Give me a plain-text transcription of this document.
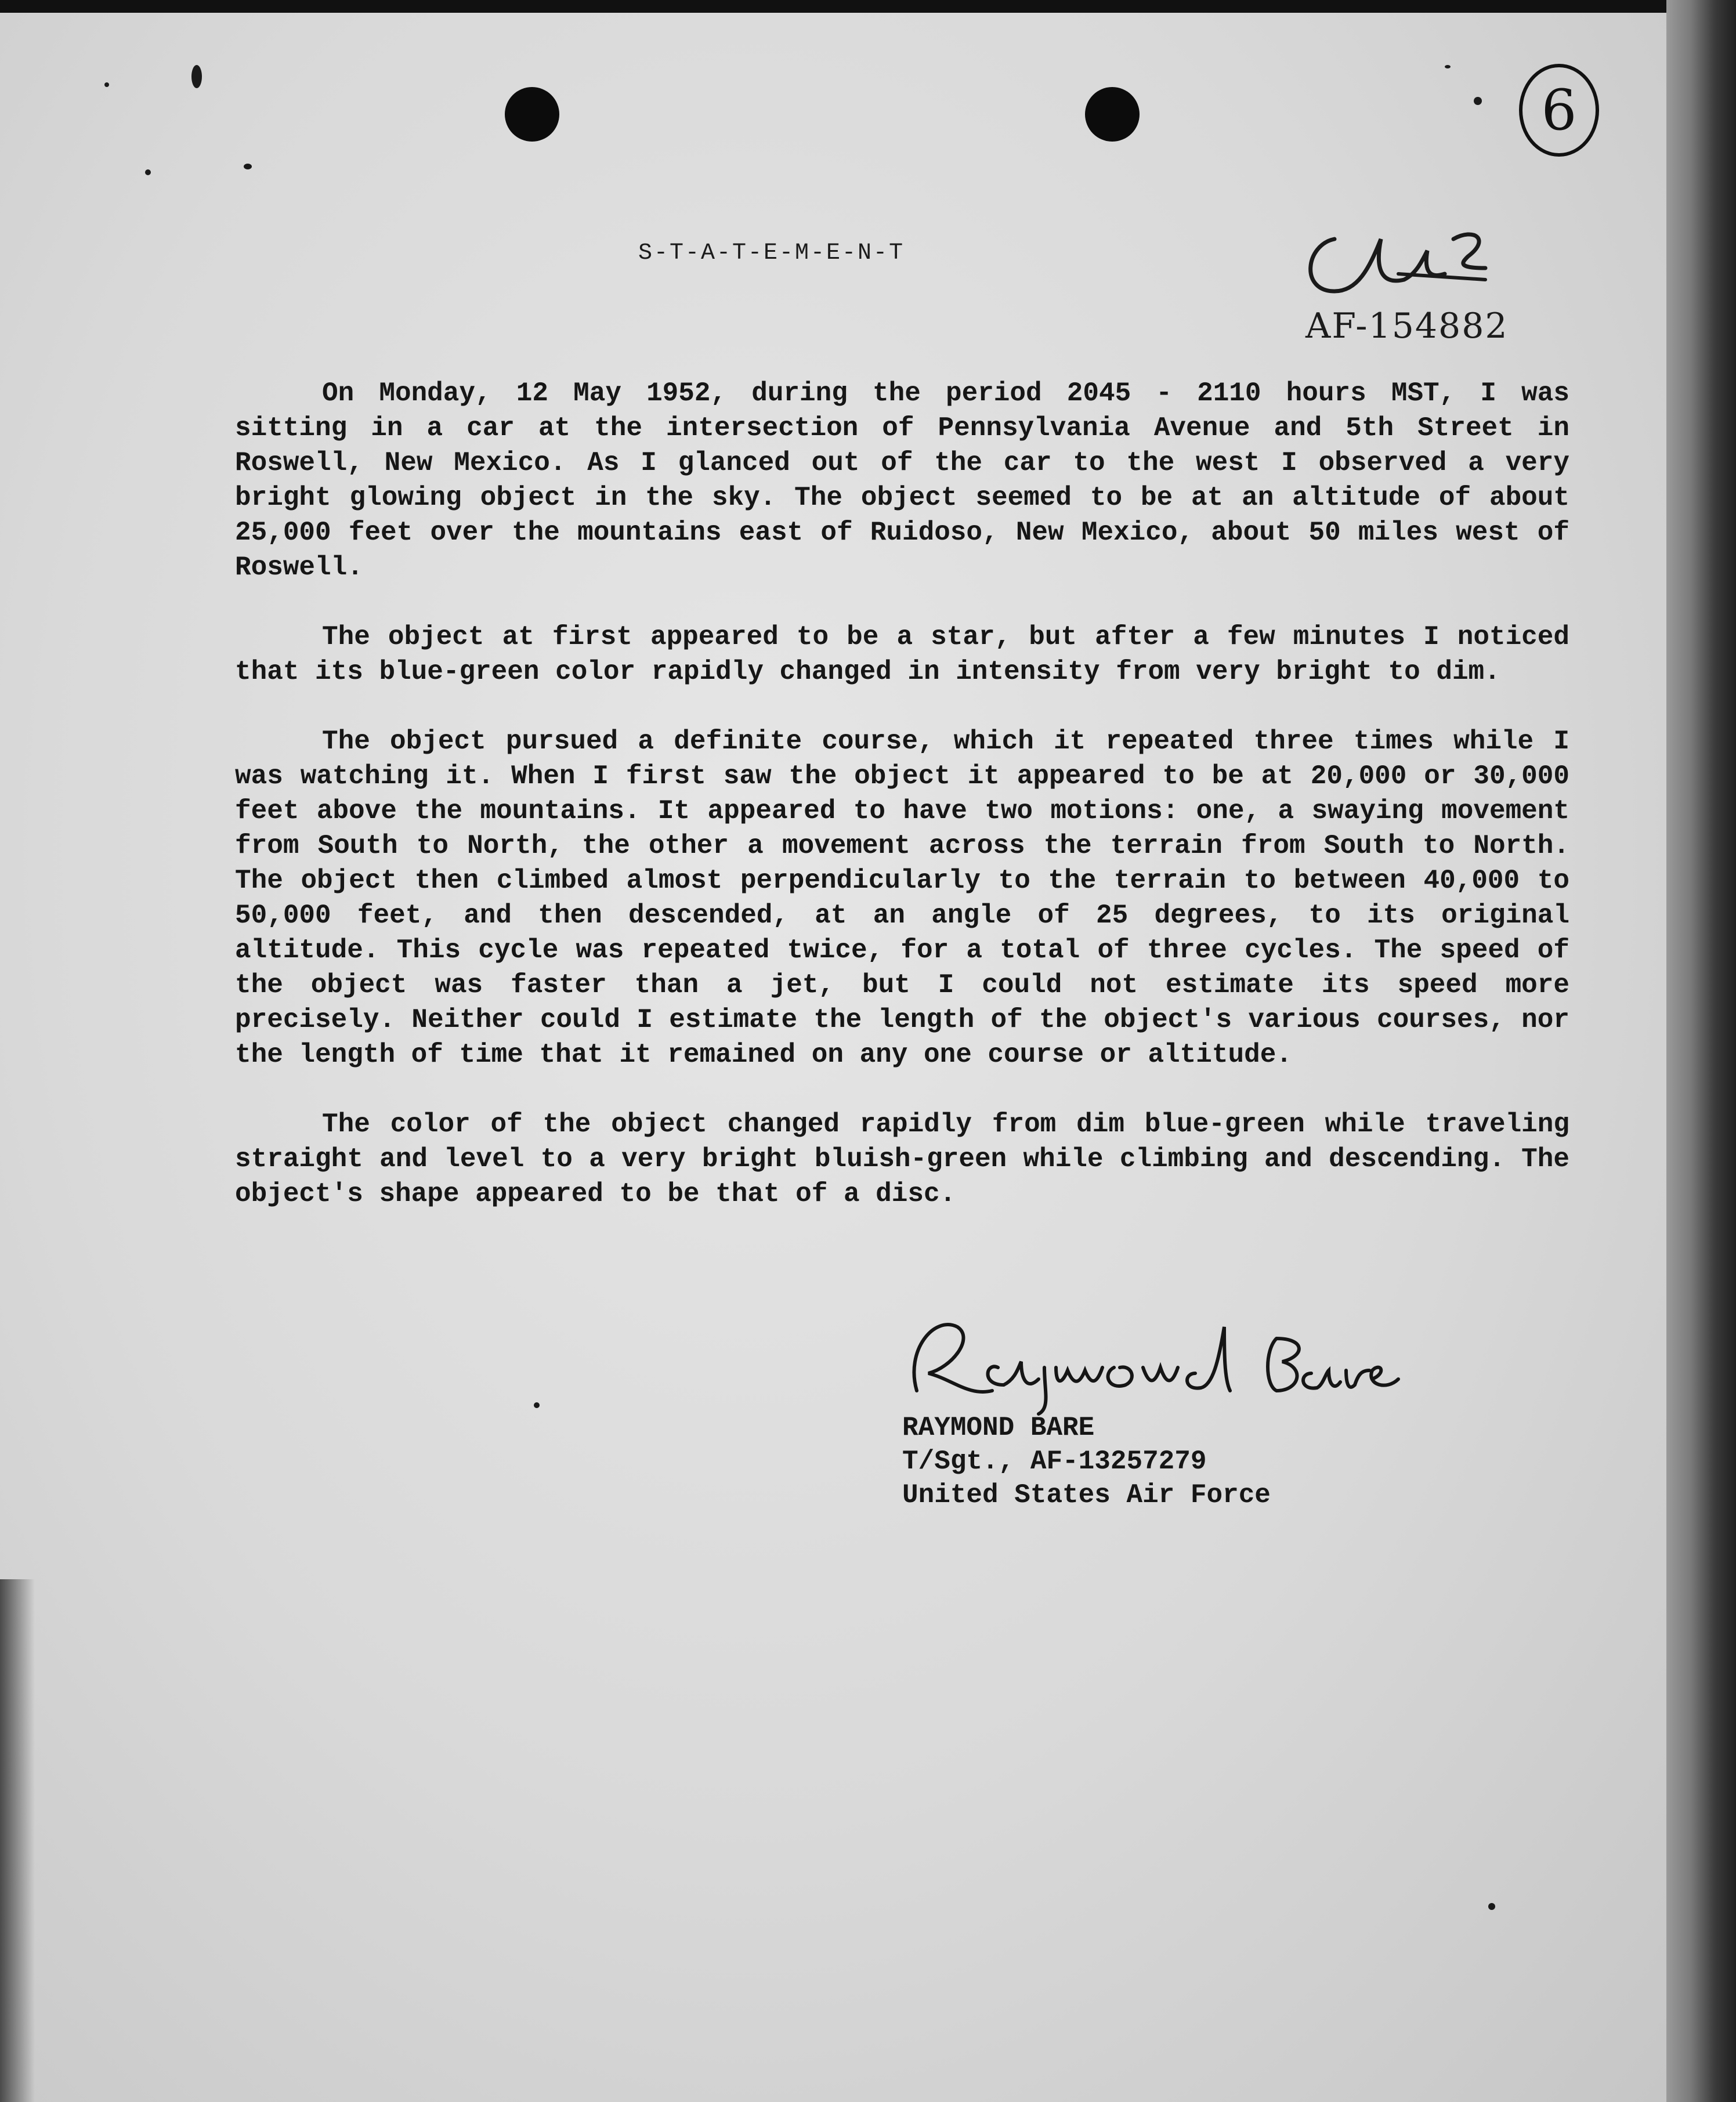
6
AF-154882
S-T-A-T-E-M-E-N-T

On Monday, 12 May 1952, during the period 2045 - 2110 hours MST, I was sitting in a car at the intersection of Pennsylvania Avenue and 5th Street in Roswell, New Mexico. As I glanced out of the car to the west I observed a very bright glowing object in the sky. The object seemed to be at an altitude of about 25,000 feet over the mountains east of Ruidoso, New Mexico, about 50 miles west of Roswell.

The object at first appeared to be a star, but after a few minutes I noticed that its blue-green color rapidly changed in intensity from very bright to dim.

The object pursued a definite course, which it repeated three times while I was watching it. When I first saw the object it appeared to be at 20,000 or 30,000 feet above the mountains. It appeared to have two motions: one, a swaying movement from South to North, the other a movement across the terrain from South to North. The object then climbed almost perpendicularly to the terrain to between 40,000 to 50,000 feet, and then descended, at an angle of 25 degrees, to its original altitude. This cycle was repeated twice, for a total of three cycles. The speed of the object was faster than a jet, but I could not estimate its speed more precisely. Neither could I estimate the length of the object's various courses, nor the length of time that it remained on any one course or altitude.

The color of the object changed rapidly from dim blue-green while traveling straight and level to a very bright bluish-green while climbing and descending. The object's shape appeared to be that of a disc.

Raymond Bare
RAYMOND BARE
T/Sgt., AF-13257279
United States Air Force
